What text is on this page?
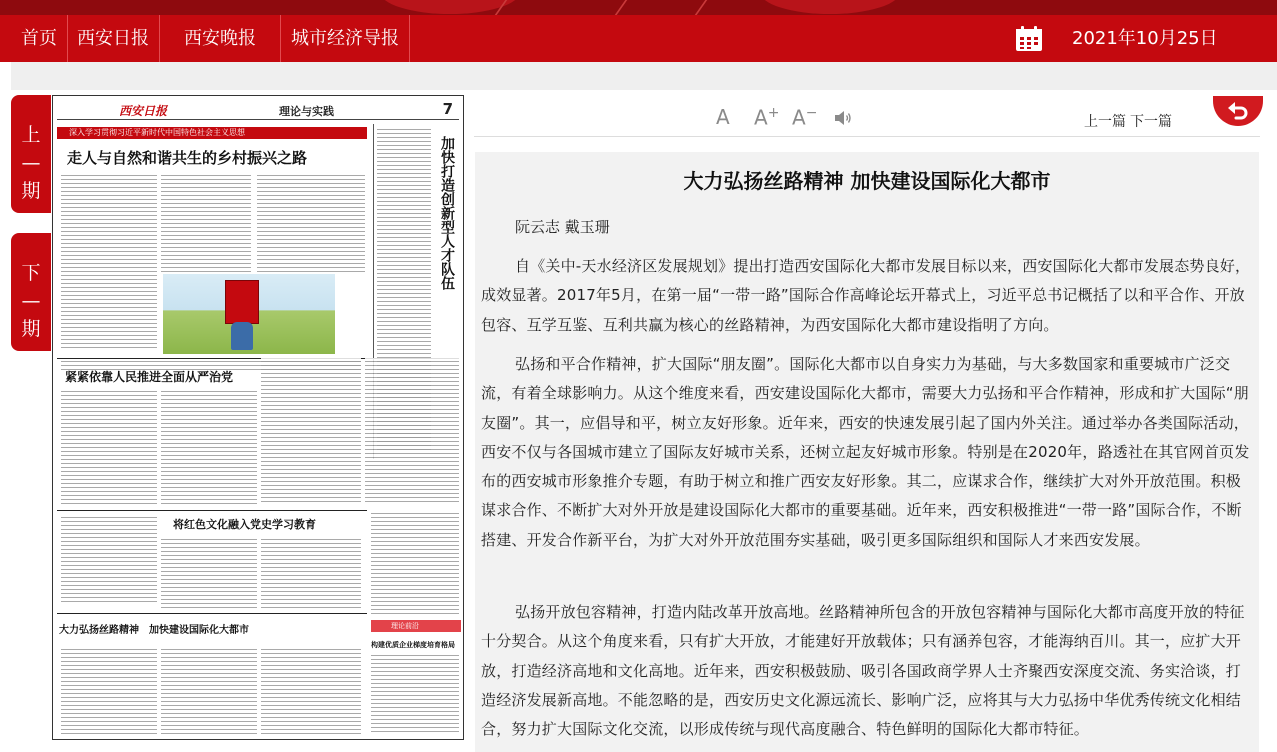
首页 西安日报 西安晚报 城市经济导报	2021年10月25日
上
—
期
下
—
期
西安日报	理论与实践	7
深入学习贯彻习近平新时代中国特色社会主义思想
走人与自然和谐共生的乡村振兴之路	加快打造创新型人才队伍
紧紧依靠人民推进全面从严治党
将红色文化融入党史学习教育
大力弘扬丝路精神　加快建设国际化大都市	理论前沿
构建优质企业梯度培育格局
A A+ A−
上一篇 下一篇
大力弘扬丝路精神 加快建设国际化大都市
阮云志 戴玉珊

自《关中-天水经济区发展规划》提出打造西安国际化大都市发展目标以来，西安国际化大都市发展态势良好，成效显著。2017年5月，在第一届“一带一路”国际合作高峰论坛开幕式上，习近平总书记概括了以和平合作、开放包容、互学互鉴、互利共赢为核心的丝路精神，为西安国际化大都市建设指明了方向。

弘扬和平合作精神，扩大国际“朋友圈”。国际化大都市以自身实力为基础，与大多数国家和重要城市广泛交流，有着全球影响力。从这个维度来看，西安建设国际化大都市，需要大力弘扬和平合作精神，形成和扩大国际“朋友圈”。其一，应倡导和平，树立友好形象。近年来，西安的快速发展引起了国内外关注。通过举办各类国际活动，西安不仅与各国城市建立了国际友好城市关系，还树立起友好城市形象。特别是在2020年，路透社在其官网首页发布的西安城市形象推介专题，有助于树立和推广西安友好形象。其二，应谋求合作，继续扩大对外开放范围。积极谋求合作、不断扩大对外开放是建设国际化大都市的重要基础。近年来，西安积极推进“一带一路”国际合作，不断搭建、开发合作新平台，为扩大对外开放范围夯实基础，吸引更多国际组织和国际人才来西安发展。

弘扬开放包容精神，打造内陆改革开放高地。丝路精神所包含的开放包容精神与国际化大都市高度开放的特征十分契合。从这个角度来看，只有扩大开放，才能建好开放载体；只有涵养包容，才能海纳百川。其一，应扩大开放，打造经济高地和文化高地。近年来，西安积极鼓励、吸引各国政商学界人士齐聚西安深度交流、务实洽谈，打造经济发展新高地。不能忽略的是，西安历史文化源远流长、影响广泛，应将其与大力弘扬中华优秀传统文化相结合，努力扩大国际文化交流，以形成传统与现代高度融合、特色鲜明的国际化大都市特征。
